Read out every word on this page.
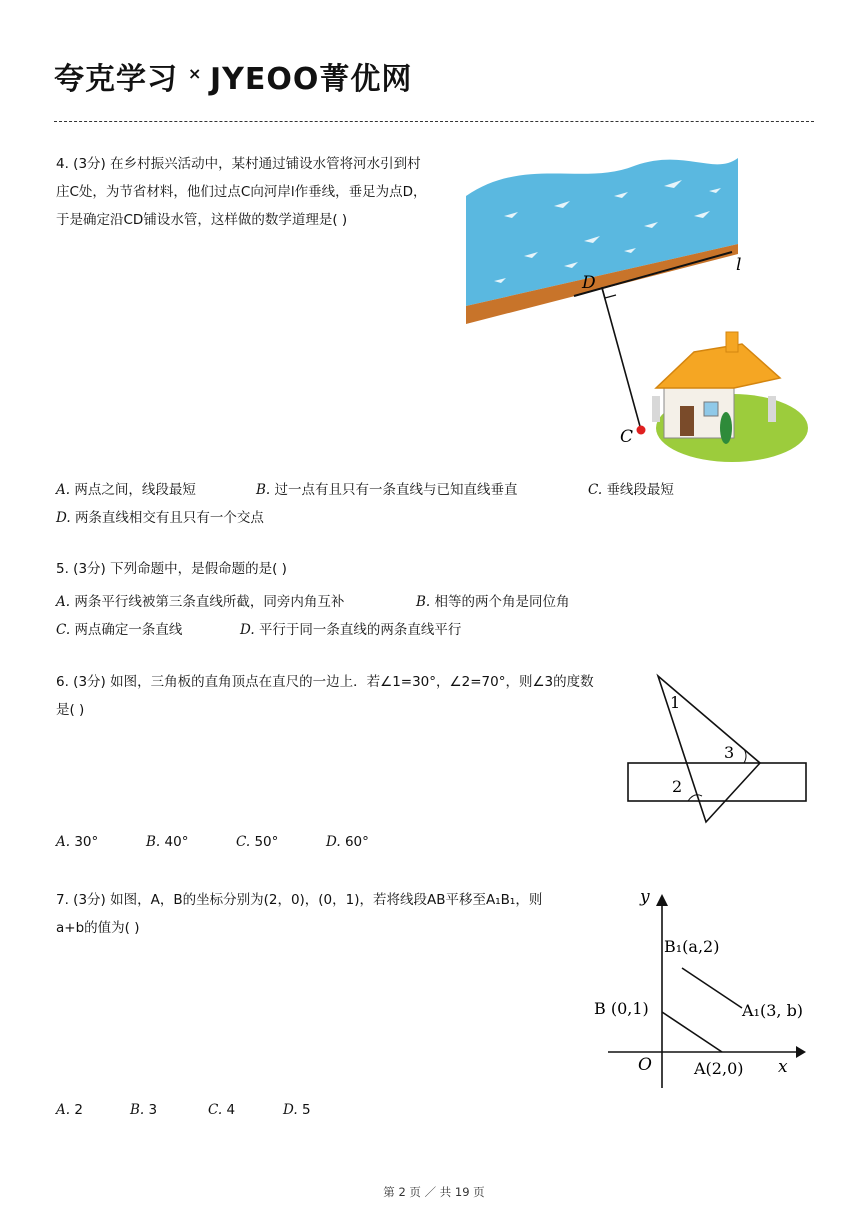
夸克学习 × JYEOO菁优网
4. (3分) 在乡村振兴活动中，某村通过铺设水管将河水引到村
庄C处，为节省材料，他们过点C向河岸l作垂线，垂足为点D，
于是确定沿CD铺设水管，这样做的数学道理是( )
l
D
C
A. 两点之间，线段最短	B. 过一点有且只有一条直线与已知直线垂直	C. 垂线段最短
D. 两条直线相交有且只有一个交点
5. (3分) 下列命题中，是假命题的是( )
A. 两条平行线被第三条直线所截，同旁内角互补	B. 相等的两个角是同位角
C. 两点确定一条直线	D. 平行于同一条直线的两条直线平行
6. (3分) 如图，三角板的直角顶点在直尺的一边上．若∠1=30°，∠2=70°，则∠3的度数
是( )	1
2
3
A. 30°	B. 40°	C. 50°	D. 60°
7. (3分) 如图，A，B的坐标分别为(2，0)，(0，1)，若将线段AB平移至A₁B₁，则
a+b的值为( )
y
x
O
B₁(a,2)
A₁(3, b)
B (0,1)
A(2,0)
A. 2	B. 3	C. 4	D. 5
第 2 页 ／ 共 19 页
